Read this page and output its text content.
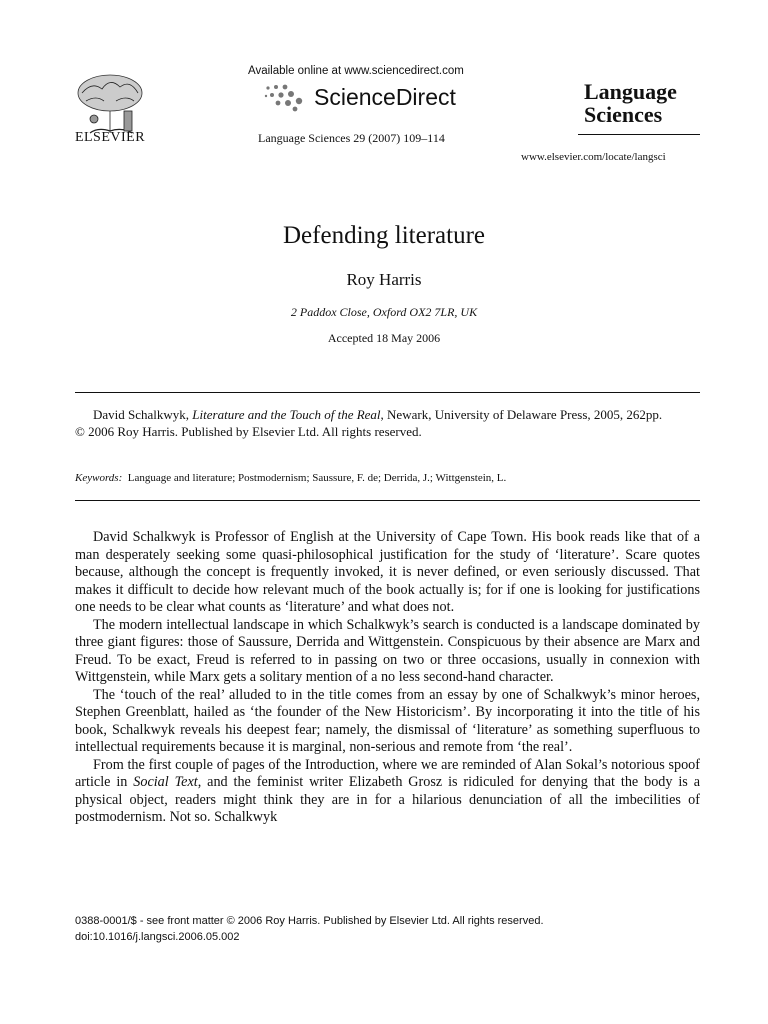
ELSEVIER
Available online at www.sciencedirect.com
ScienceDirect
Language Sciences 29 (2007) 109–114
Language
Sciences
www.elsevier.com/locate/langsci
Defending literature
Roy Harris
2 Paddox Close, Oxford OX2 7LR, UK
Accepted 18 May 2006

David Schalkwyk, Literature and the Touch of the Real, Newark, University of Delaware Press, 2005, 262pp.

© 2006 Roy Harris. Published by Elsevier Ltd. All rights reserved.

Keywords: Language and literature; Postmodernism; Saussure, F. de; Derrida, J.; Wittgenstein, L.

David Schalkwyk is Professor of English at the University of Cape Town. His book reads like that of a man desperately seeking some quasi-philosophical justification for the study of ‘literature’. Scare quotes because, although the concept is frequently invoked, it is never defined, or even seriously discussed. That makes it difficult to decide how relevant much of the book actually is; for if one is looking for justifications one needs to be clear what counts as ‘literature’ and what does not.

The modern intellectual landscape in which Schalkwyk’s search is conducted is a landscape dominated by three giant figures: those of Saussure, Derrida and Wittgenstein. Conspicuous by their absence are Marx and Freud. To be exact, Freud is referred to in passing on two or three occasions, usually in connexion with Wittgenstein, while Marx gets a solitary mention of a no less second-hand character.

The ‘touch of the real’ alluded to in the title comes from an essay by one of Schalkwyk’s minor heroes, Stephen Greenblatt, hailed as ‘the founder of the New Historicism’. By incorporating it into the title of his book, Schalkwyk reveals his deepest fear; namely, the dismissal of ‘literature’ as something superfluous to intellectual requirements because it is marginal, non-serious and remote from ‘the real’.

From the first couple of pages of the Introduction, where we are reminded of Alan Sokal’s notorious spoof article in Social Text, and the feminist writer Elizabeth Grosz is ridiculed for denying that the body is a physical object, readers might think they are in for a hilarious denunciation of all the imbecilities of postmodernism. Not so. Schalkwyk

0388-0001/$ - see front matter © 2006 Roy Harris. Published by Elsevier Ltd. All rights reserved.
doi:10.1016/j.langsci.2006.05.002
